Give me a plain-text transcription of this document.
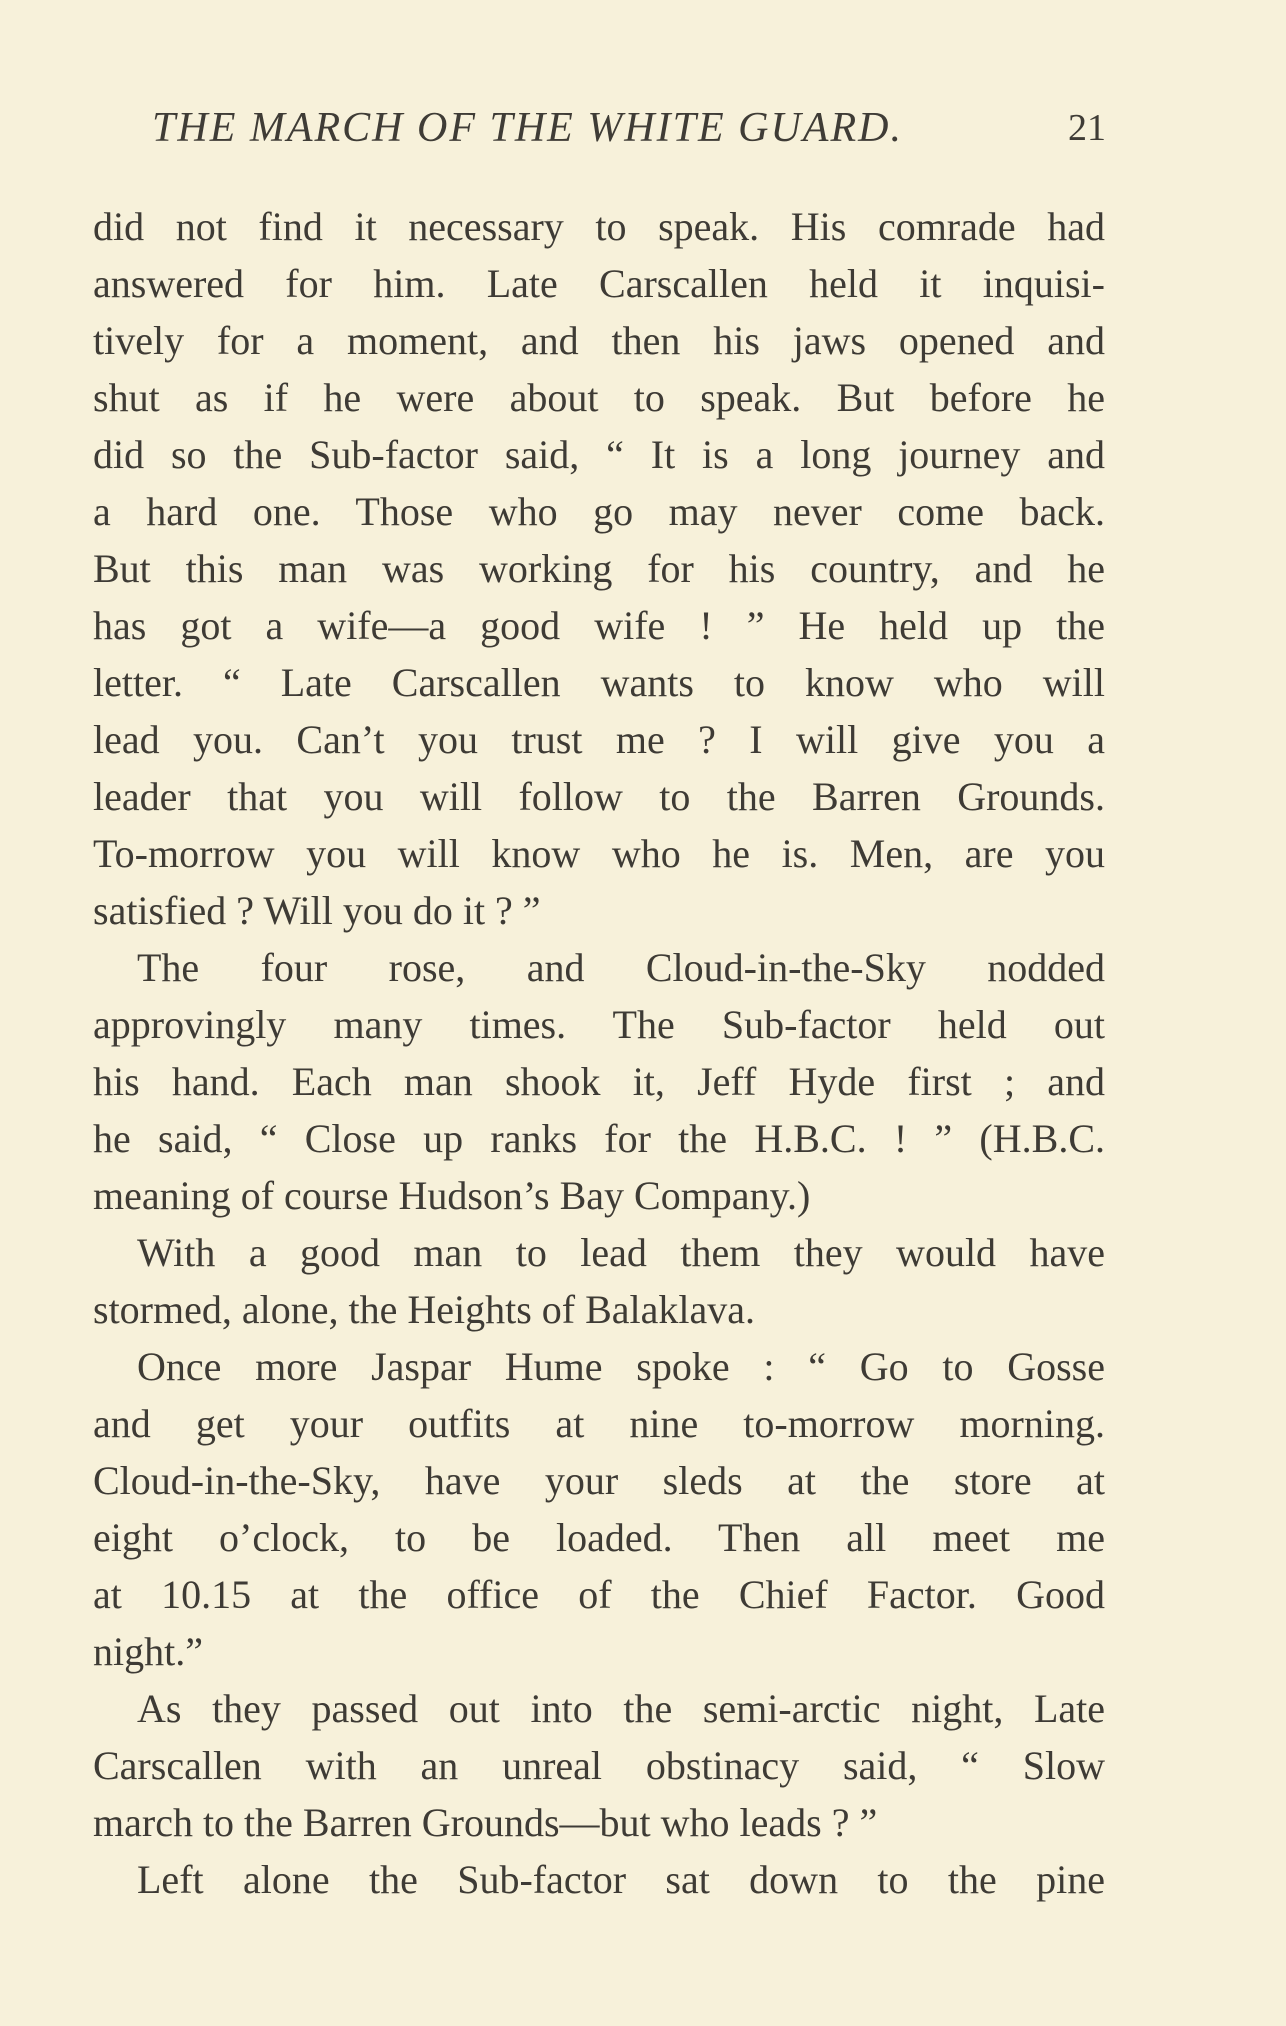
THE MARCH OF THE WHITE GUARD.	21
did not find it necessary to speak. His comrade had
answered for him. Late Carscallen held it inquisi-
tively for a moment, and then his jaws opened and
shut as if he were about to speak. But before he
did so the Sub-factor said, “ It is a long journey and
a hard one. Those who go may never come back.
But this man was working for his country, and he
has got a wife—a good wife ! ” He held up the
letter. “ Late Carscallen wants to know who will
lead you. Can’t you trust me ? I will give you a
leader that you will follow to the Barren Grounds.
To-morrow you will know who he is. Men, are you
satisfied ? Will you do it ? ”
The four rose, and Cloud-in-the-Sky nodded
approvingly many times. The Sub-factor held out
his hand. Each man shook it, Jeff Hyde first ; and
he said, “ Close up ranks for the H.B.C. ! ” (H.B.C.
meaning of course Hudson’s Bay Company.)
With a good man to lead them they would have
stormed, alone, the Heights of Balaklava.
Once more Jaspar Hume spoke : “ Go to Gosse
and get your outfits at nine to-morrow morning.
Cloud-in-the-Sky, have your sleds at the store at
eight o’clock, to be loaded. Then all meet me
at 10.15 at the office of the Chief Factor. Good
night.”
As they passed out into the semi-arctic night, Late
Carscallen with an unreal obstinacy said, “ Slow
march to the Barren Grounds—but who leads ? ”
Left alone the Sub-factor sat down to the pine
